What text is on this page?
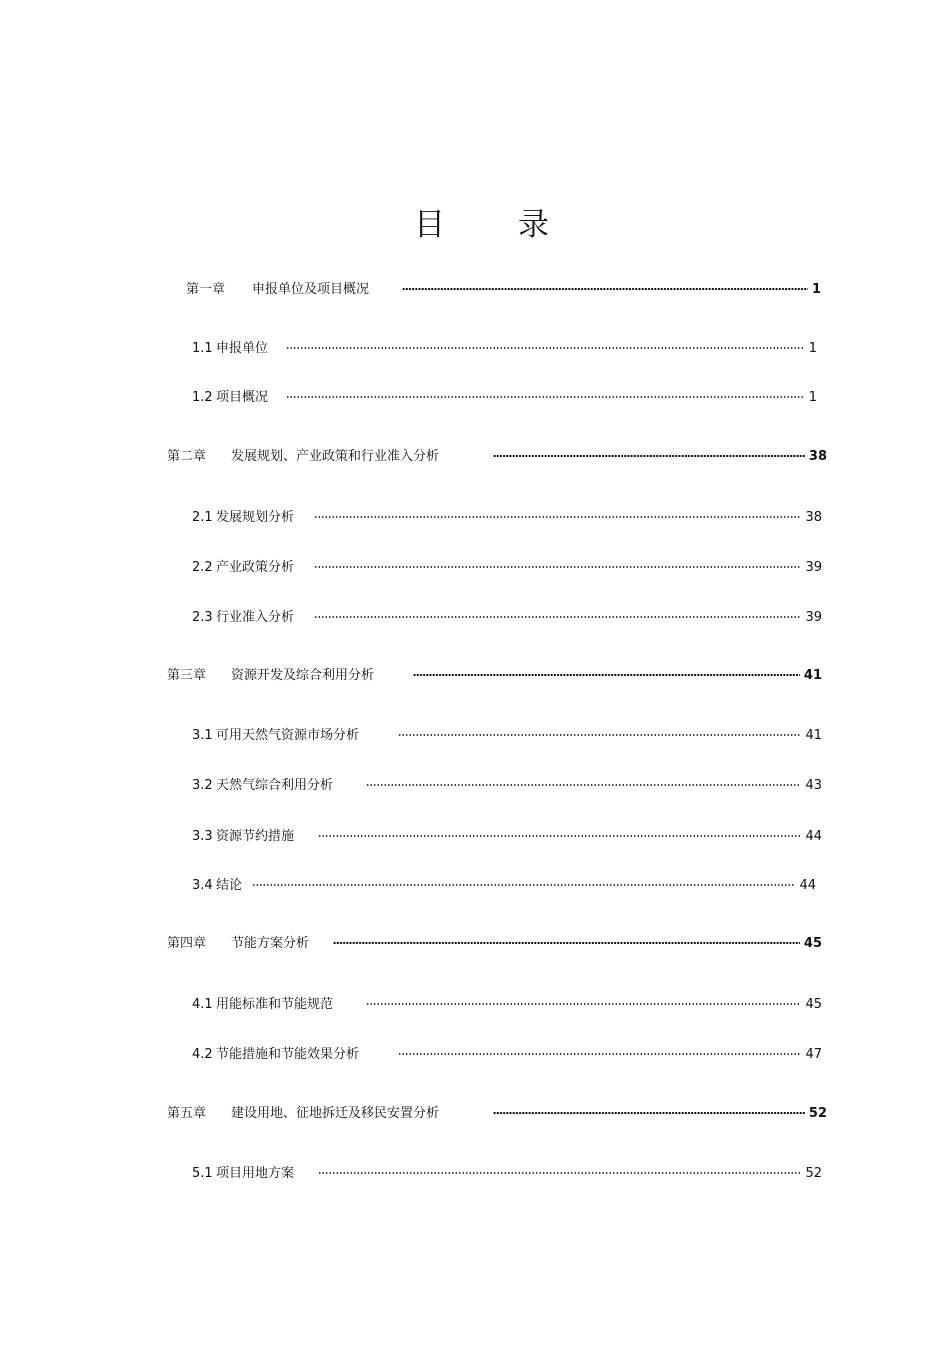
目 录
第一章	申报单位及项目概况	1
1.1 申报单位	1
1.2 项目概况	1
第二章	发展规划、产业政策和行业准入分析	38
2.1 发展规划分析	38
2.2 产业政策分析	39
2.3 行业准入分析	39
第三章	资源开发及综合利用分析	41
3.1 可用天然气资源市场分析	41
3.2 天然气综合利用分析	43
3.3 资源节约措施	44
3.4 结论	44
第四章	节能方案分析	45
4.1 用能标准和节能规范	45
4.2 节能措施和节能效果分析	47
第五章	建设用地、征地拆迁及移民安置分析	52
5.1 项目用地方案	52
